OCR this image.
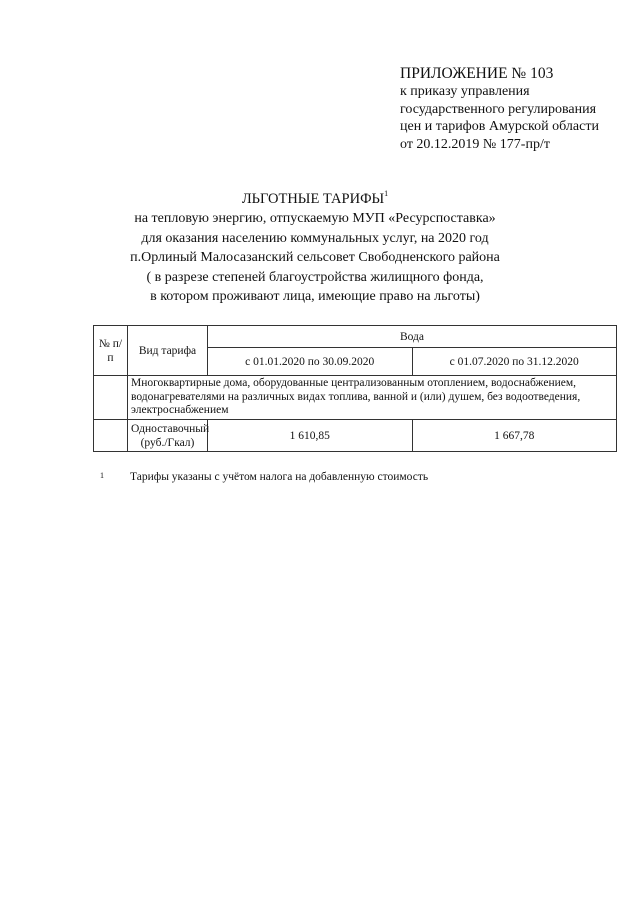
ПРИЛОЖЕНИЕ № 103
к приказу управления
государственного регулирования
цен и тарифов Амурской области
от 20.12.2019 № 177-пр/т
ЛЬГОТНЫЕ ТАРИФЫ$^1$
на тепловую энергию, отпускаемую МУП «Ресурспоставка»
для оказания населению коммунальных услуг, на 2020 год
п.Орлиный Малосазанский сельсовет Свободненского района
( в разрезе степеней благоустройства жилищного фонда,
в котором проживают лица, имеющие право на льготы)
№ п/п	Вид тарифа	Вода	
		с 01.01.2020 по 30.09.2020	с 01.07.2020 по 31.12.2020
	Многоквартирные дома, оборудованные централизованным отоплением, водоснабжением, водонагревателями на различных видах топлива, ванной и (или) душем, без водоотведения, электроснабжением		
	Одноставочный (руб./Гкал)	1 610,85	1 667,78
1 Тарифы указаны с учётом налога на добавленную стоимость
